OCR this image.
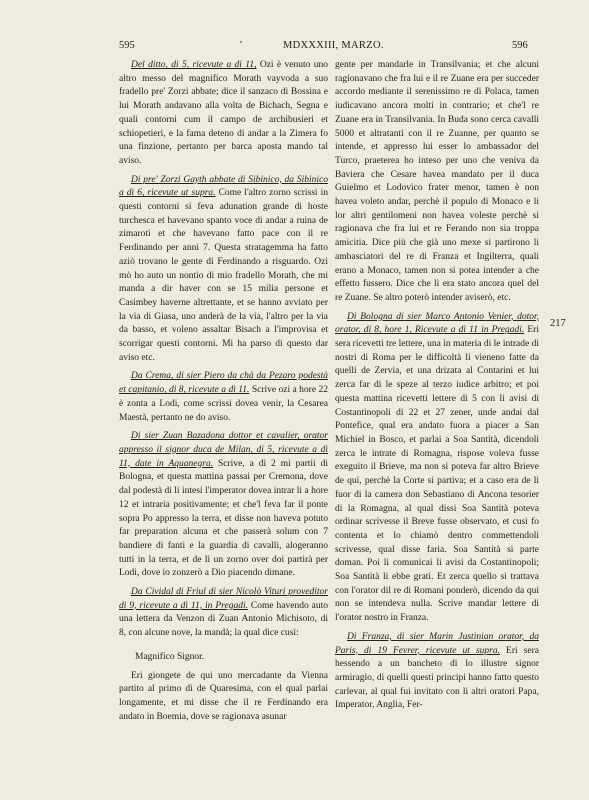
595	'	MDXXXIII, MARZO.	596
217

Del ditto, di 5, ricevute a dì 11, Ozi è venuto uno altro messo del magnifico Morath vayvoda a suo fradello pre' Zorzi abbate; dice il sanzaco di Bossina e lui Morath andavano alla volta de Bichach, Segna e quali contorni cum il campo de archibusieri et schiopetieri, e la fama deteno di andar a la Zimera fo una finzione, pertanto per barca aposta mando tal aviso.

Di pre' Zorzi Gayth abbate di Sibinico, da Sibinico a dì 6, ricevute ut supra. Come l'altro zorno scrissi in questi contorni si feva adunation grande di hoste turchesca et havevano spanto voce di andar a ruina de zimaroti et che havevano fatto pace con il re Ferdinando per anni 7. Questa stratagemma ha fatto aziò trovano le gente di Ferdinando a risguardo. Ozi mò ho auto un nontio di mio fradello Morath, che mi manda a dir haver con se 15 milia persone et Casimbey haverne altrettante, et se hanno avviato per la via di Giasa, uno anderà de la via, l'altro per la via da basso, et voleno assaltar Bisach a l'improvisa et scorrigar questi contorni. Mi ha parso di questo dar aviso etc.

Da Crema, di sier Piero da chà da Pezaro podestà et capitanio, di 8, ricevute a dì 11. Scrive ozi a hore 22 è zonta a Lodi, come scrissi dovea venir, la Cesarea Maestà, pertanto ne do aviso.

Di sier Zuan Bazadona dottor et cavalier, orator appresso il signor duca de Milan, di 5, ricevute a dì 11, date in Aquanegra. Scrive, a dì 2 mi partii di Bologna, et questa mattina passai per Cremona, dove dal podestà di li intesi l'imperator dovea intrar li a hore 12 et intraria positivamente; et che'l feva far il ponte sopra Po appresso la terra, et disse non haveva potuto far preparation alcuna et che passerà solum con 7 bandiere di fanti e la guardia di cavalli, alogeranno tutti in la terra, et de lì un zorno over doi partirà per Lodi, dove io zonzerò a Dio piacendo dimane.

Da Cividal di Friul di sier Nicolò Vituri proveditor di 9, ricevute a dì 11, in Pregadi. Come havendo auto una lettera da Venzon di Zuan Antonio Michisoto, di 8, con alcune nove, la mandà; la qual dice cusì:

Magnifico Signor.

Eri giongete de qui uno mercadante da Vienna partito al primo dì de Quaresima, con el qual parlai longamente, et mi disse che il re Ferdinando era andato in Boemia, dove se ragionava asunar

gente per mandarle in Transilvania; et che alcuni ragionavano che fra lui e il re Zuane era per succeder accordo mediante il serenissimo re di Polaca, tamen iudicavano ancora molti in contrario; et che'l re Zuane era in Transilvania. In Buda sono cerca cavalli 5000 et altratanti con il re Zuanne, per quanto se intende, et appresso lui esser lo ambassador del Turco, praeterea ho inteso per uno che veniva da Baviera che Cesare havea mandato per il duca Guielmo et Lodovico frater menor, tamen è non havea voleto andar, perchè il populo di Monaco e li lor altri gentilomeni non havea voleste perchè si ragionava che fra lui et re Ferando non sia troppa amicitia. Dice più che già uno mexe si partirono li ambasciatori del re di Franza et Ingilterra, quali erano a Monaco, tamen non si potea intender a che effetto fussero. Dice che lì era stato ancora quel del re Zuane. Se altro poterò intender aviserò, etc.

Di Bologna di sier Marco Antonio Venier, dotor, orator, di 8, hore 1, Ricevute a dì 11 in Pregadi. Eri sera ricevetti tre lettere, una in materia di le intrade di nostri di Roma per le difficoltà li vieneno fatte da quelli de Zervia, et una drizata al Contarini et lui zerca far di le speze al terzo iudice arbitro; et poi questa mattina ricevetti lettere di 5 con li avisi di Costantinopoli di 22 et 27 zener, unde andai dal Pontefice, qual era andato fuora a piacer a San Michiel in Bosco, et parlai a Soa Santità, dicendoli zerca le intrate di Romagna, rispose voleva fusse exeguito il Brieve, ma non si poteva far altro Brieve de qui, perchè la Corte si partiva; et a caso era de lì fuor di la camera don Sebastiano di Ancona tesorier di la Romagna, al qual dissi Soa Santità poteva ordinar scrivesse il Breve fusse observato, et cusì fo contenta et lo chiamò dentro commettendoli scrivesse, qual disse faria. Soa Santità si parte doman. Poi li comunicai li avisi da Costantinopoli; Soa Santità li ebbe grati. Et zerca quello si trattava con l'orator dil re di Romani ponderò, dicendo da qui non se intendeva nulla. Scrive mandar lettere di l'orator nostro in Franza.

Di Franza, di sier Marin Justinian orator, da Paris, di 19 Fevrer, ricevute ut supra. Eri sera hessendo a un bancheto di lo illustre signor armiragio, di quelli questi principi hanno fatto questo carlevar, al qual fui invitato con li altri oratori Papa, Imperator, Anglia, Fer-
